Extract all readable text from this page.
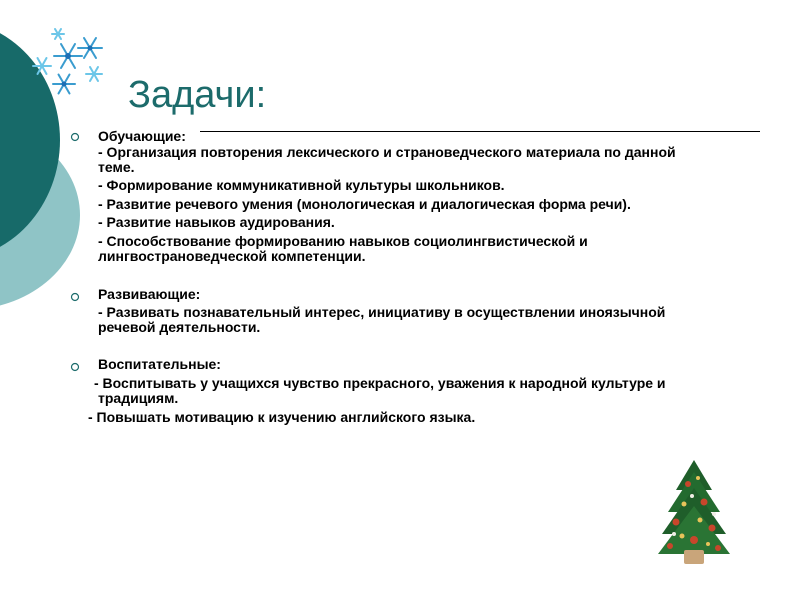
Задачи:

Обучающие:

- Организация повторения лексического и страноведческого материала по данной

теме.

- Формирование коммуникативной культуры школьников.

- Развитие речевого умения (монологическая и диалогическая форма речи).

- Развитие навыков аудирования.

- Способствование формированию навыков социолингвистической и

лингвострановедческой компетенции.

Развивающие:

- Развивать познавательный интерес, инициативу в осуществлении иноязычной

речевой деятельности.

Воспитательные:

- Воспитывать у учащихся чувство прекрасного, уважения к народной культуре и

традициям.

- Повышать мотивацию к изучению английского языка.
